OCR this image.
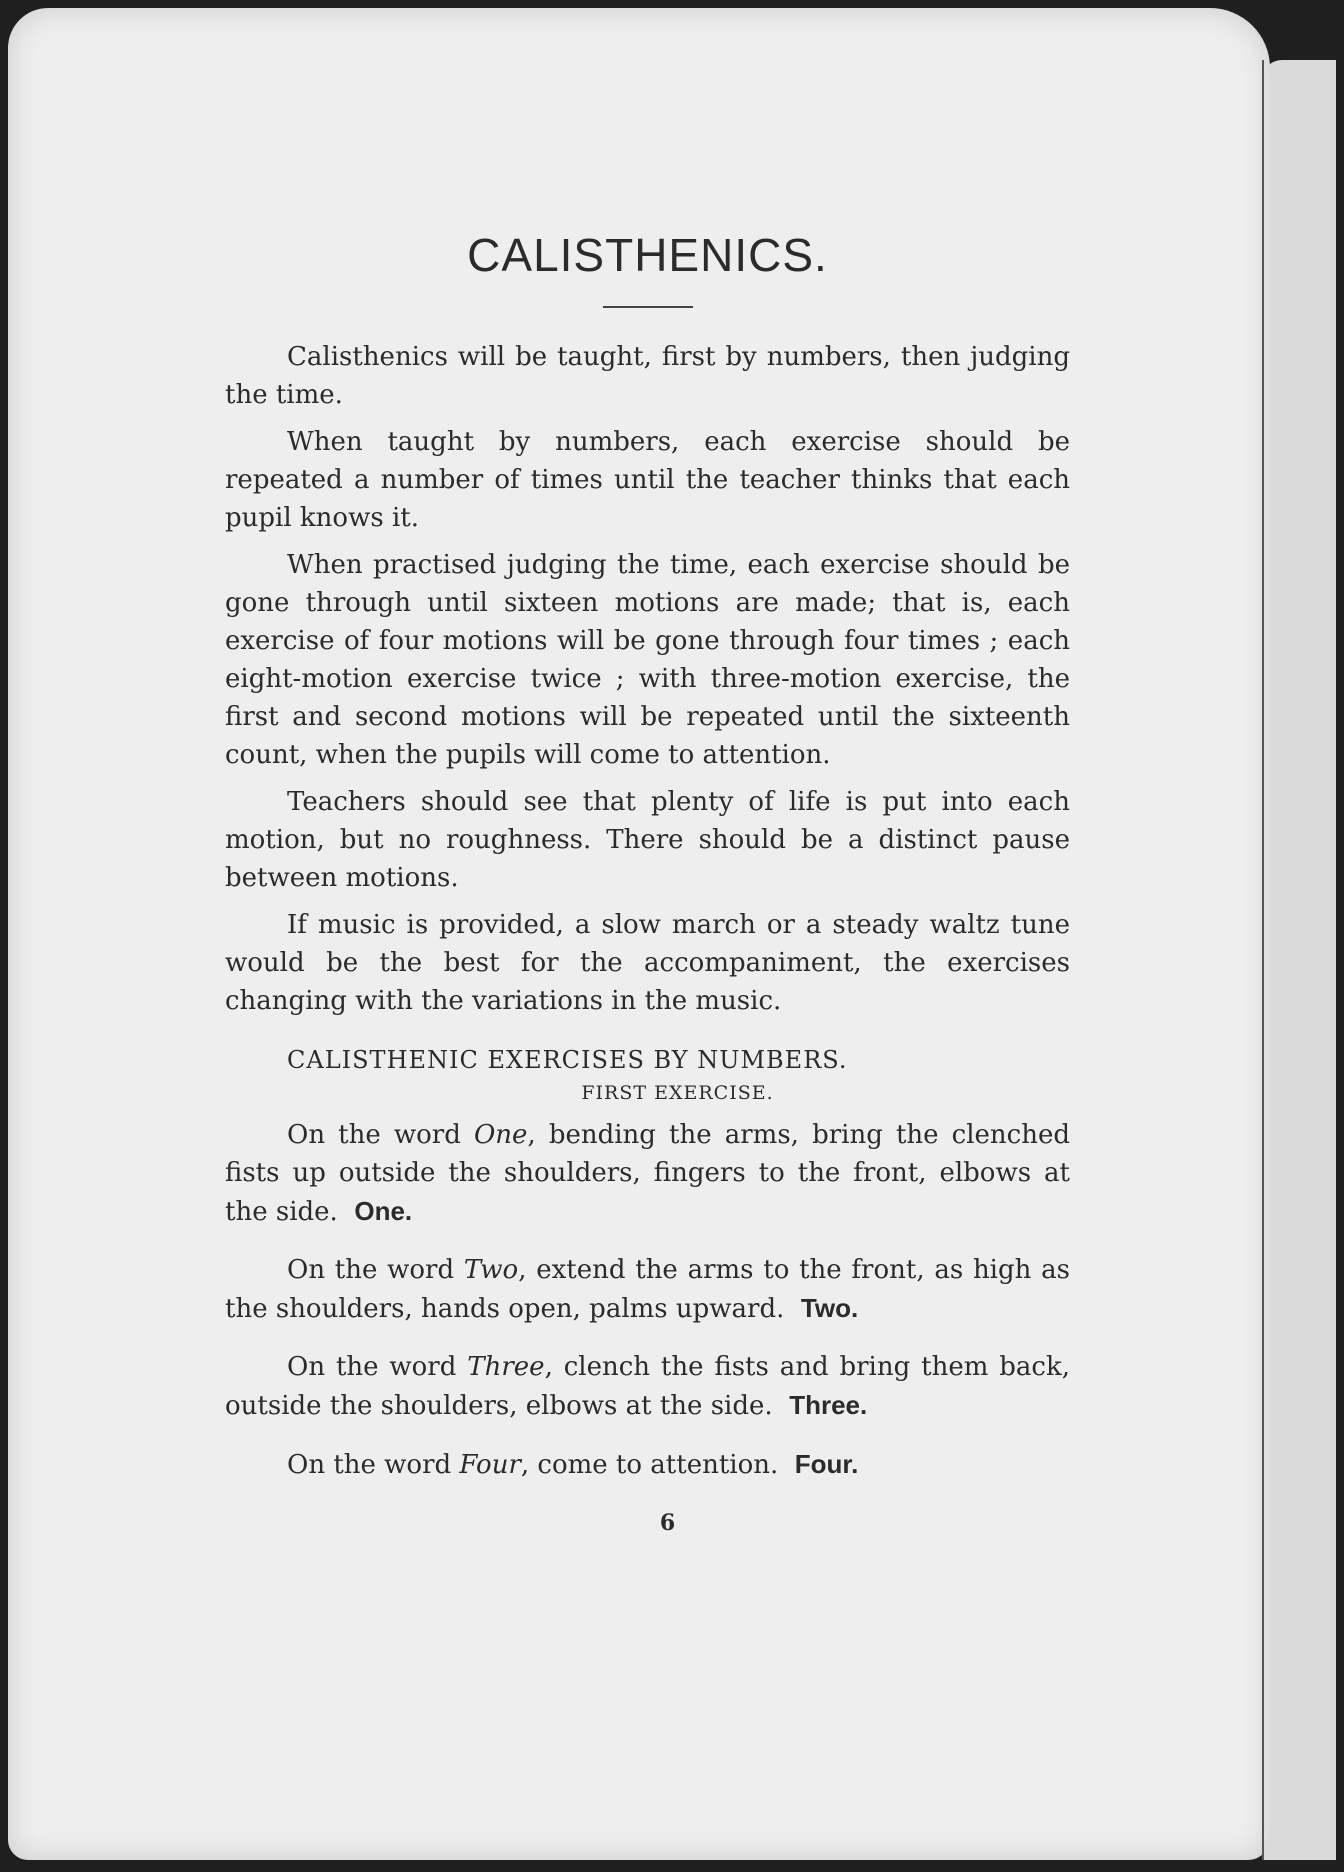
CALISTHENICS.

Calisthenics will be taught, first by numbers, then judging the time.

When taught by numbers, each exercise should be repeated a number of times until the teacher thinks that each pupil knows it.

When practised judging the time, each exercise should be gone through until sixteen motions are made; that is, each exercise of four motions will be gone through four times ; each eight-motion exercise twice ; with three-motion exercise, the first and second motions will be repeated until the sixteenth count, when the pupils will come to attention.

Teachers should see that plenty of life is put into each motion, but no roughness. There should be a distinct pause between motions.

If music is provided, a slow march or a steady waltz tune would be the best for the accompaniment, the exercises changing with the variations in the music.

CALISTHENIC EXERCISES BY NUMBERS.
FIRST EXERCISE.

On the word One, bending the arms, bring the clenched fists up outside the shoulders, fingers to the front, elbows at the side. One.

On the word Two, extend the arms to the front, as high as the shoulders, hands open, palms upward. Two.

On the word Three, clench the fists and bring them back, outside the shoulders, elbows at the side. Three.

On the word Four, come to attention. Four.

6
